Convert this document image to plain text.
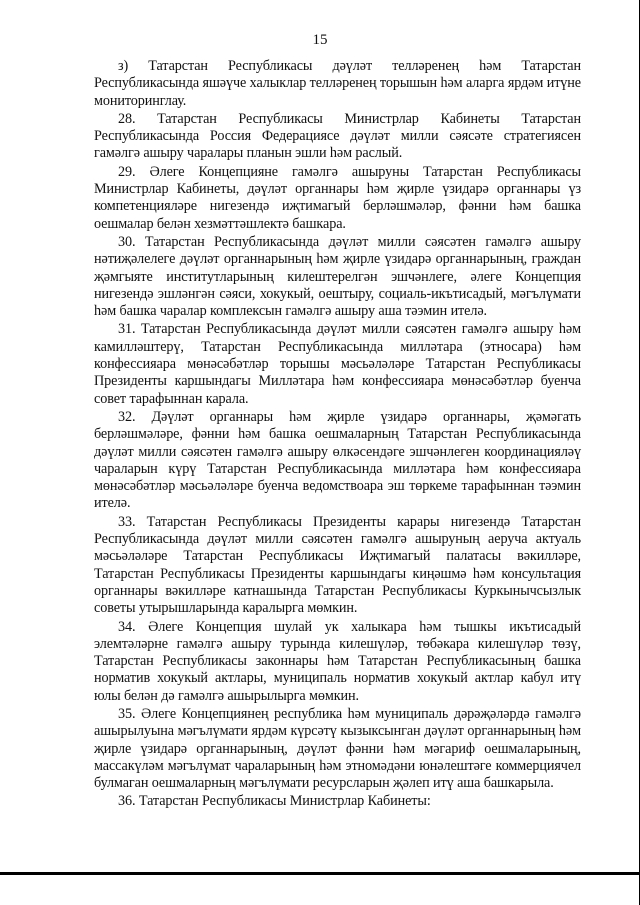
15

з) Татарстан Республикасы дәүләт телләренең һәм Татарстан Республикасында яшәүче халыклар телләренең торышын һәм аларга ярдәм итүне мониторинглау.

28. Татарстан Республикасы Министрлар Кабинеты Татарстан Республикасында Россия Федерациясе дәүләт милли сәясәте стратегиясен гамәлгә ашыру чаралары планын эшли һәм раслый.

29. Әлеге Концепцияне гамәлгә ашыруны Татарстан Республикасы Министрлар Кабинеты, дәүләт органнары һәм җирле үзидарә органнары үз компетенцияләре нигезендә иҗтимагый берләшмәләр, фәнни һәм башка оешмалар белән хезмәттәшлектә башкара.

30. Татарстан Республикасында дәүләт милли сәясәтен гамәлгә ашыру нәтиҗәлелеге дәүләт органнарының һәм җирле үзидарә органнарының, граждан җәмгыяте институтларының килештерелгән эшчәнлеге, әлеге Концепция нигезендә эшләнгән сәяси, хокукый, оештыру, социаль-икътисадый, мәгълүмати һәм башка чаралар комплексын гамәлгә ашыру аша тәэмин ителә.

31. Татарстан Республикасында дәүләт милли сәясәтен гамәлгә ашыру һәм камилләштерү, Татарстан Республикасында милләтара (этносара) һәм конфессияара мөнәсәбәтләр торышы мәсьәләләре Татарстан Республикасы Президенты каршындагы Милләтара һәм конфессияара мөнәсәбәтләр буенча совет тарафыннан карала.

32. Дәүләт органнары һәм җирле үзидарә органнары, җәмәгать берләшмәләре, фәнни һәм башка оешмаларның Татарстан Республикасында дәүләт милли сәясәтен гамәлгә ашыру өлкәсендәге эшчәнлеген координацияләү чараларын күрү Татарстан Республикасында милләтара һәм конфессияара мөнәсәбәтләр мәсьәләләре буенча ведомствоара эш төркеме тарафыннан тәэмин ителә.

33. Татарстан Республикасы Президенты карары нигезендә Татарстан Республикасында дәүләт милли сәясәтен гамәлгә ашыруның аеруча актуаль мәсьәләләре Татарстан Республикасы Иҗтимагый палатасы вәкилләре, Татарстан Республикасы Президенты каршындагы киңәшмә һәм консультация органнары вәкилләре катнашында Татарстан Республикасы Куркынычсызлык советы утырышларында каралырга мөмкин.

34. Әлеге Концепция шулай ук халыкара һәм тышкы икътисадый элемтәләрне гамәлгә ашыру турында килешүләр, төбәкара килешүләр төзү, Татарстан Республикасы законнары һәм Татарстан Республикасының башка норматив хокукый актлары, муниципаль норматив хокукый актлар кабул итү юлы белән дә гамәлгә ашырылырга мөмкин.

35. Әлеге Концепциянең республика һәм муниципаль дәрәҗәләрдә гамәлгә ашырылуына мәгълүмати ярдәм күрсәтү кызыксынган дәүләт органнарының һәм җирле үзидарә органнарының, дәүләт фәнни һәм мәгариф оешмаларының, массакүләм мәгълүмат чараларының һәм этномәдәни юнәлештәге коммерциячел булмаган оешмаларның мәгълүмати ресурсларын җәлеп итү аша башкарыла.

36. Татарстан Республикасы Министрлар Кабинеты:
